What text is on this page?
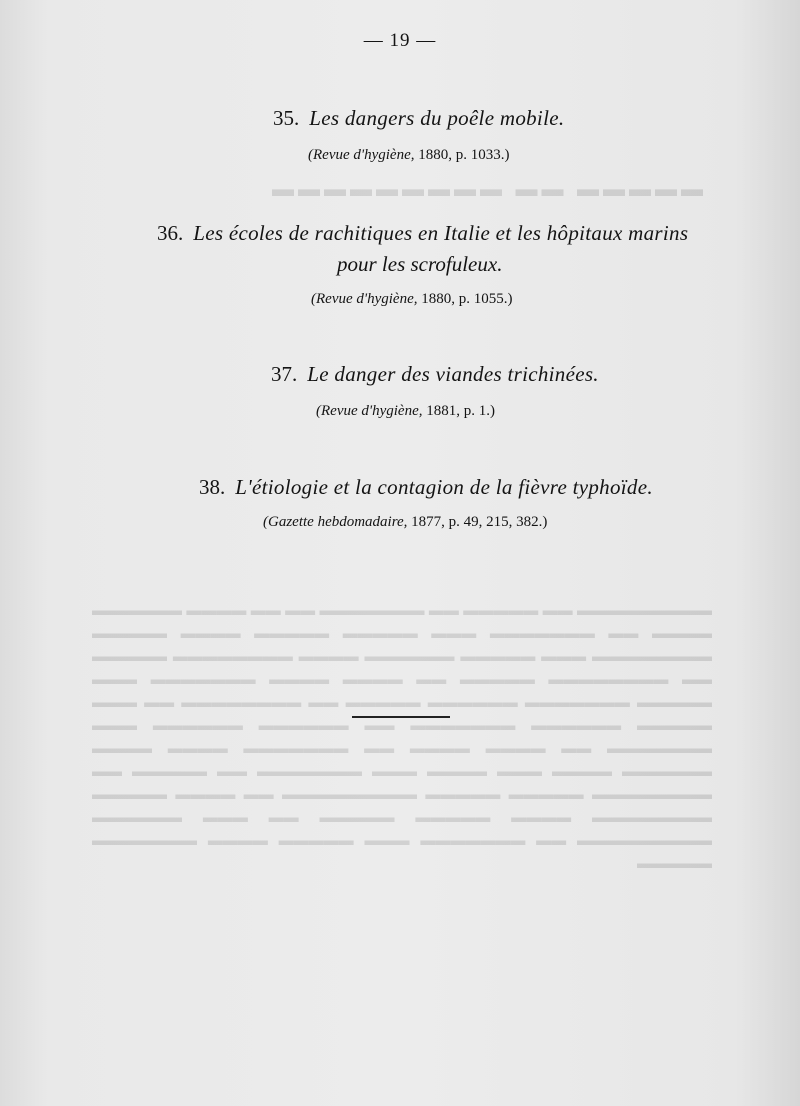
▬▬▬▬▬ ▬▬ ▬▬▬▬▬▬▬▬▬
▬▬▬▬▬▬▬▬▬ ▬▬ ▬▬▬▬▬ ▬▬ ▬▬▬▬▬▬▬ ▬▬ ▬▬ ▬▬▬▬ ▬▬▬▬▬▬ ▬▬▬▬ ▬▬ ▬▬▬▬▬▬▬ ▬▬▬ ▬▬▬▬▬ ▬▬▬▬▬ ▬▬▬▬ ▬▬▬▬▬ ▬▬▬▬▬▬▬▬ ▬▬▬ ▬▬▬▬▬ ▬▬▬▬▬▬ ▬▬▬▬ ▬▬▬▬▬▬▬▬ ▬▬▬▬▬ ▬▬ ▬▬▬▬▬▬▬▬ ▬▬▬▬▬ ▬▬ ▬▬▬▬ ▬▬▬▬ ▬▬▬▬▬▬▬ ▬▬▬ ▬▬▬▬▬ ▬▬▬▬▬▬▬ ▬▬▬▬▬▬ ▬▬▬▬▬ ▬▬ ▬▬▬▬▬▬▬▬ ▬▬ ▬▬▬ ▬▬▬▬▬ ▬▬▬▬▬▬ ▬▬▬▬▬▬▬ ▬▬ ▬▬▬▬▬▬ ▬▬▬▬▬▬ ▬▬▬ ▬▬▬▬▬▬▬ ▬▬ ▬▬▬▬ ▬▬▬▬ ▬▬ ▬▬▬▬▬▬▬ ▬▬▬▬ ▬▬▬▬ ▬▬▬▬▬▬ ▬▬▬▬ ▬▬▬ ▬▬▬▬ ▬▬▬ ▬▬▬▬▬▬▬ ▬▬ ▬▬▬▬▬ ▬▬ ▬▬▬▬▬▬▬▬ ▬▬▬▬▬ ▬▬▬▬▬ ▬▬▬▬▬▬▬▬▬ ▬▬ ▬▬▬▬ ▬▬▬▬▬ ▬▬▬▬▬▬▬▬ ▬▬▬▬ ▬▬▬▬▬ ▬▬▬▬▬ ▬▬ ▬▬▬ ▬▬▬▬▬▬ ▬▬▬▬▬▬▬▬▬ ▬▬ ▬▬▬▬▬▬▬ ▬▬▬ ▬▬▬▬▬ ▬▬▬▬ ▬▬▬▬▬▬▬ ▬▬▬▬▬
— 19 —
35. Les dangers du poêle mobile.
(Revue d'hygiène, 1880, p. 1033.)
36. Les écoles de rachitiques en Italie et les hôpitaux marins
pour les scrofuleux.
(Revue d'hygiène, 1880, p. 1055.)
37. Le danger des viandes trichinées.
(Revue d'hygiène, 1881, p. 1.)
38. L'étiologie et la contagion de la fièvre typhoïde.
(Gazette hebdomadaire, 1877, p. 49, 215, 382.)
